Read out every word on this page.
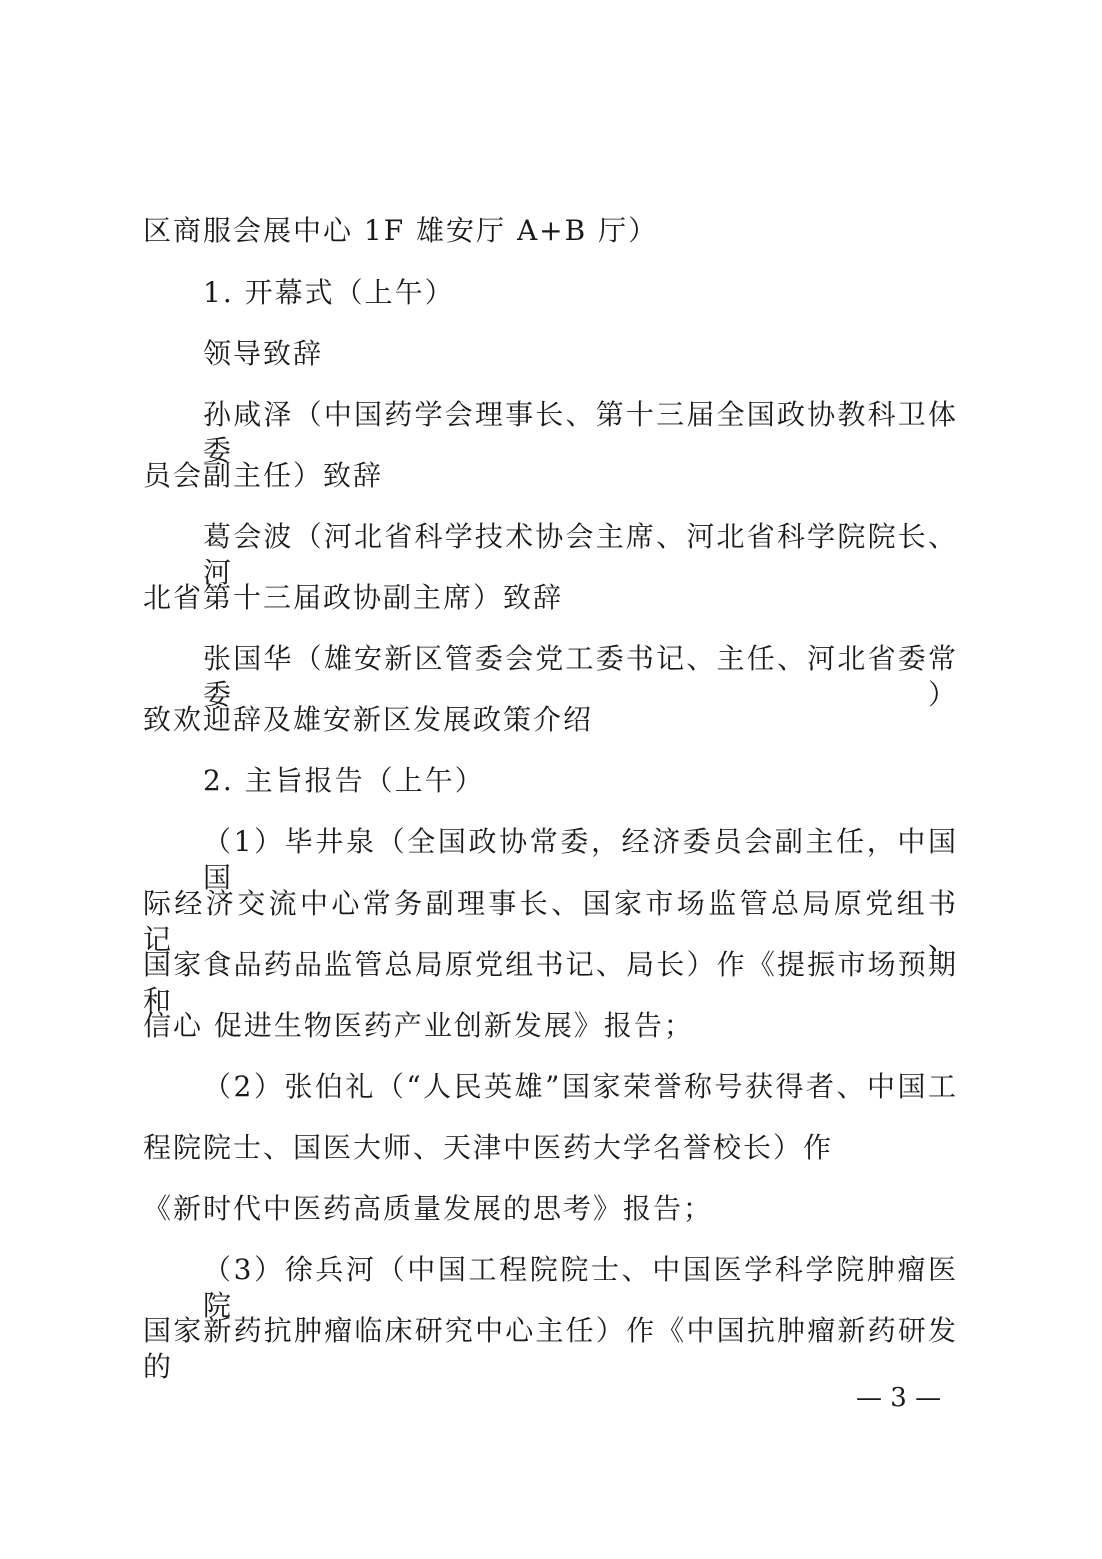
区商服会展中心 1F 雄安厅 A+B 厅）
1. 开幕式（上午）
领导致辞
孙咸泽（中国药学会理事长、第十三届全国政协教科卫体委
员会副主任）致辞
葛会波（河北省科学技术协会主席、河北省科学院院长、河
北省第十三届政协副主席）致辞
张国华（雄安新区管委会党工委书记、主任、河北省委常委）
致欢迎辞及雄安新区发展政策介绍
2. 主旨报告（上午）
（1）毕井泉（全国政协常委，经济委员会副主任，中国国
际经济交流中心常务副理事长、国家市场监管总局原党组书记、
国家食品药品监管总局原党组书记、局长）作《提振市场预期和
信心 促进生物医药产业创新发展》报告；
（2）张伯礼（“人民英雄”国家荣誉称号获得者、中国工
程院院士、国医大师、天津中医药大学名誉校长）作
《新时代中医药高质量发展的思考》报告；
（3）徐兵河（中国工程院院士、中国医学科学院肿瘤医院
国家新药抗肿瘤临床研究中心主任）作《中国抗肿瘤新药研发的
— 3 —
